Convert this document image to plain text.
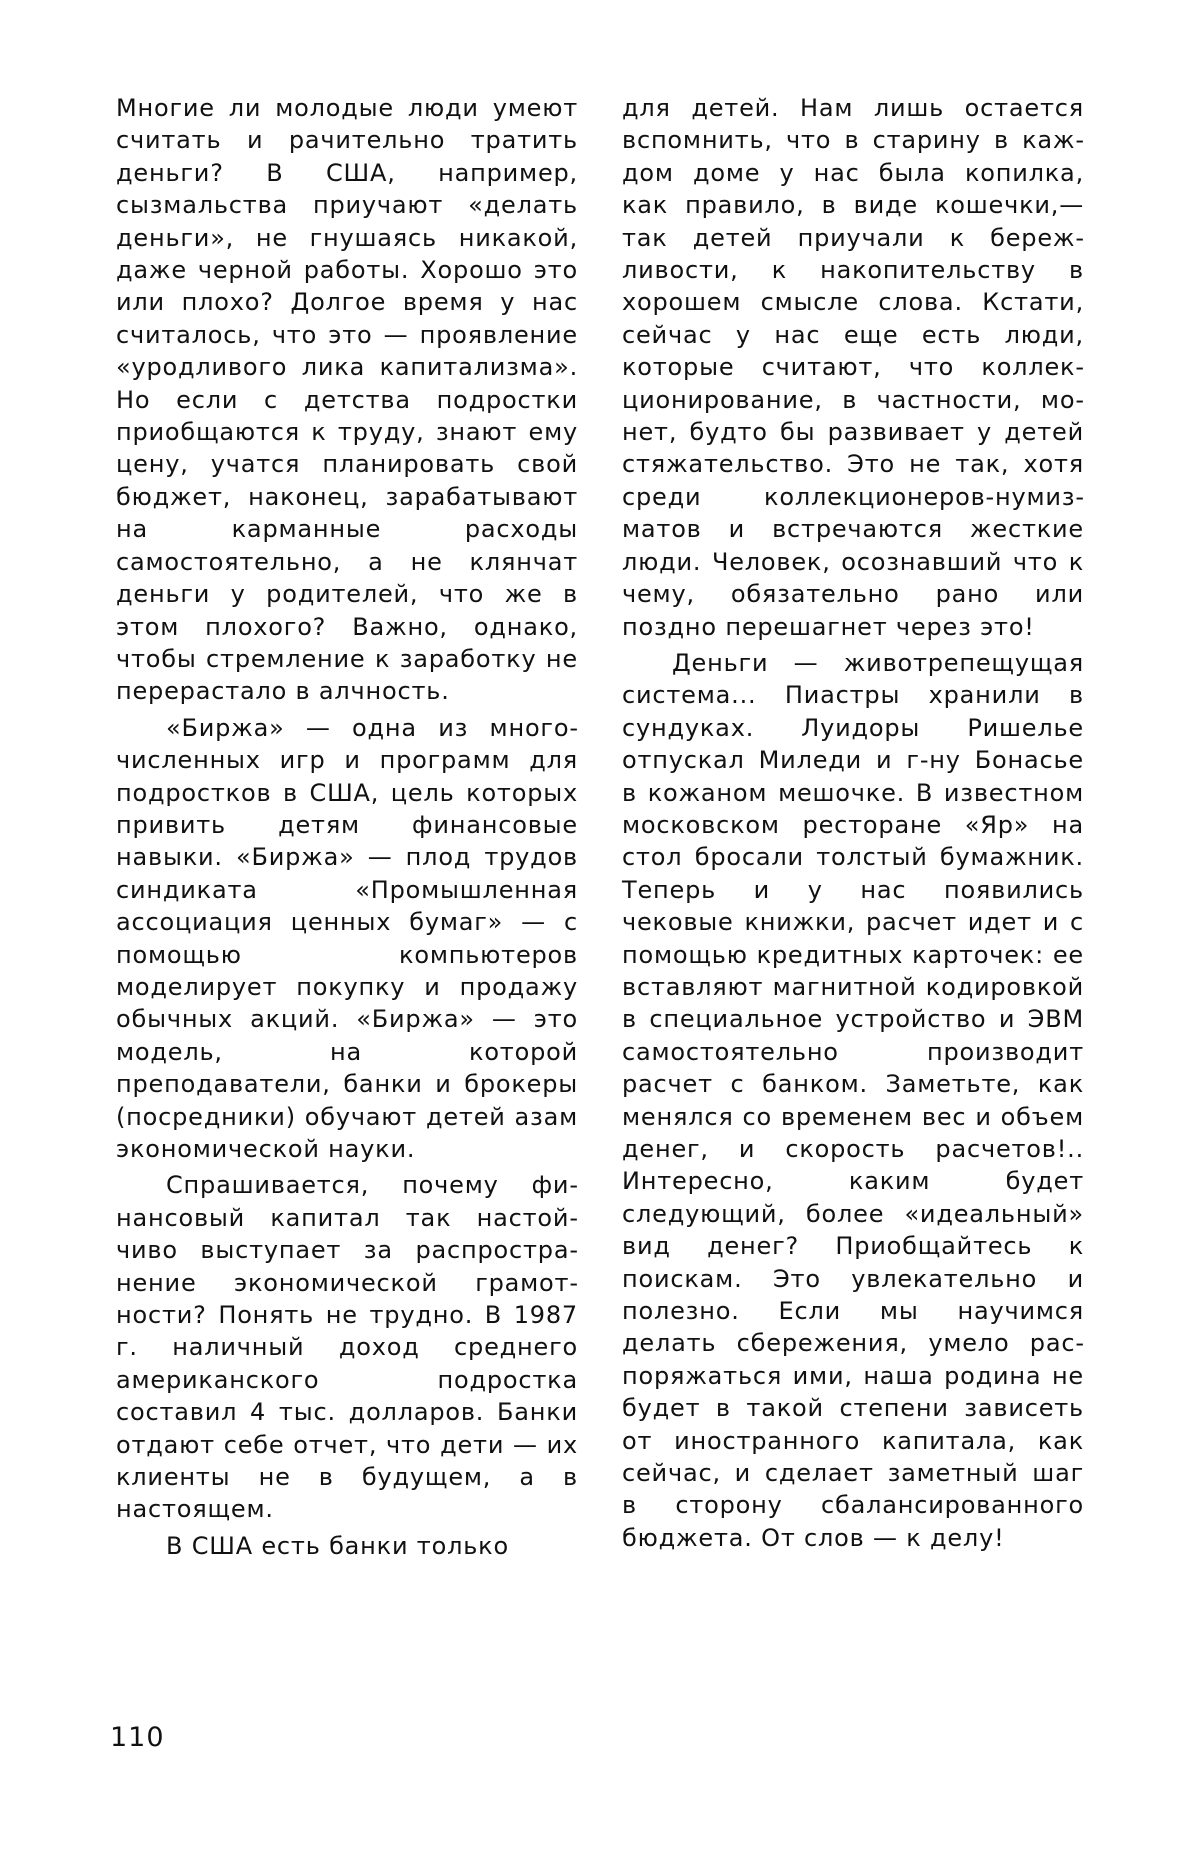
Многие ли молодые люди умеют считать и рачительно тратить деньги? В США, например, сызмальства приучают «делать деньги», не гнушаясь никакой, даже черной работы. Хорошо это или плохо? Долгое время у нас считалось, что это — проявление «уродливого лика капитализма». Но если с детства подростки приобщаются к труду, знают ему цену, учатся планировать свой бюджет, наконец, зарабатывают на карманные расходы самостоятельно, а не клянчат деньги у родителей, что же в этом плохого? Важно, однако, чтобы стремление к заработку не перерастало в алчность.

«Биржа» — одна из многочисленных игр и программ для подростков в США, цель которых привить детям финансовые навыки. «Биржа» — плод трудов синдиката «Промышленная ассоциация ценных бумаг» — с помощью компьютеров моделирует покупку и продажу обычных акций. «Биржа» — это модель, на которой преподаватели, банки и брокеры (посредники) обучают детей азам экономической науки.

Спрашивается, почему финансовый капитал так настойчиво выступает за распространение экономической грамотности? Понять не трудно. В 1987 г. наличный доход среднего американского подростка составил 4 тыс. долларов. Банки отдают себе отчет, что дети — их клиенты не в будущем, а в настоящем.

В США есть банки только

для детей. Нам лишь остается вспомнить, что в старину в каждом доме у нас была копилка, как правило, в виде кошечки,— так детей приучали к бережливости, к накопительству в хорошем смысле слова. Кстати, сейчас у нас еще есть люди, которые считают, что коллекционирование, в частности, монет, будто бы развивает у детей стяжательство. Это не так, хотя среди коллекционеров-нумизматов и встречаются жесткие люди. Человек, осознавший что к чему, обязательно рано или поздно перешагнет через это!

Деньги — животрепещущая система... Пиастры хранили в сундуках. Луидоры Ришелье отпускал Миледи и г-ну Бонасье в кожаном мешочке. В известном московском ресторане «Яр» на стол бросали толстый бумажник. Теперь и у нас появились чековые книжки, расчет идет и с помощью кредитных карточек: ее вставляют магнитной кодировкой в специальное устройство и ЭВМ самостоятельно производит расчет с банком. Заметьте, как менялся со временем вес и объем денег, и скорость расчетов!.. Интересно, каким будет следующий, более «идеальный» вид денег? Приобщайтесь к поискам. Это увлекательно и полезно. Если мы научимся делать сбережения, умело распоряжаться ими, наша родина не будет в такой степени зависеть от иностранного капитала, как сейчас, и сделает заметный шаг в сторону сбалансированного бюджета. От слов — к делу!

110
